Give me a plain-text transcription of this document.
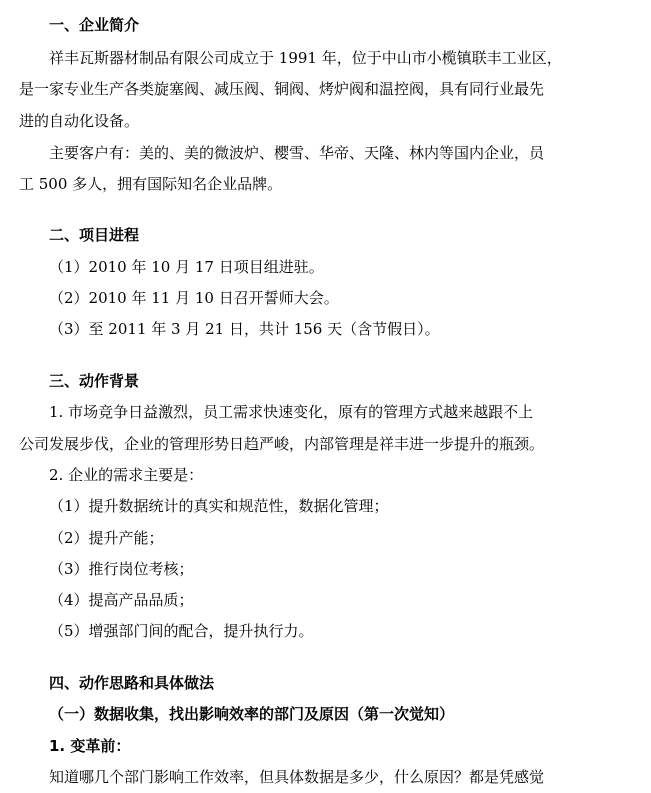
一、企业简介
祥丰瓦斯器材制品有限公司成立于 1991 年，位于中山市小榄镇联丰工业区，
是一家专业生产各类旋塞阀、减压阀、铜阀、烤炉阀和温控阀，具有同行业最先
进的自动化设备。
主要客户有：美的、美的微波炉、樱雪、华帝、天隆、林内等国内企业，员
工 500 多人，拥有国际知名企业品牌。
二、项目进程
（1）2010 年 10 月 17 日项目组进驻。
（2）2010 年 11 月 10 日召开誓师大会。
（3）至 2011 年 3 月 21 日，共计 156 天（含节假日）。
三、动作背景
1. 市场竞争日益激烈，员工需求快速变化，原有的管理方式越来越跟不上
公司发展步伐，企业的管理形势日趋严峻，内部管理是祥丰进一步提升的瓶颈。
2. 企业的需求主要是：
（1）提升数据统计的真实和规范性，数据化管理；
（2）提升产能；
（3）推行岗位考核；
（4）提高产品品质；
（5）增强部门间的配合，提升执行力。
四、动作思路和具体做法
（一）数据收集，找出影响效率的部门及原因（第一次觉知）
1. 变革前：
知道哪几个部门影响工作效率，但具体数据是多少，什么原因？都是凭感觉
